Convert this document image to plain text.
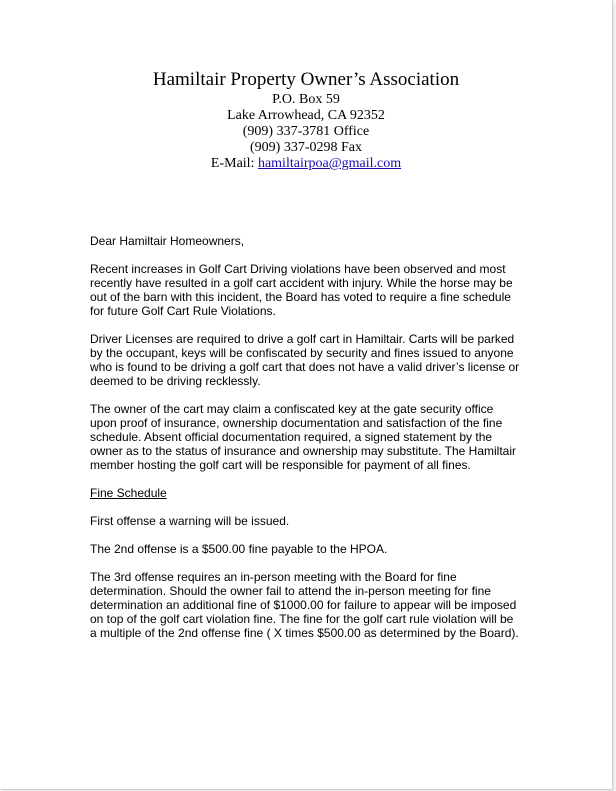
Hamiltair Property Owner’s Association
P.O. Box 59
Lake Arrowhead, CA 92352
(909) 337-3781 Office
(909) 337-0298 Fax
E-Mail: hamiltairpoa@gmail.com

Dear Hamiltair Homeowners,

Recent increases in Golf Cart Driving violations have been observed and most
recently have resulted in a golf cart accident with injury. While the horse may be
out of the barn with this incident, the Board has voted to require a fine schedule
for future Golf Cart Rule Violations.

Driver Licenses are required to drive a golf cart in Hamiltair. Carts will be parked
by the occupant, keys will be confiscated by security and fines issued to anyone
who is found to be driving a golf cart that does not have a valid driver’s license or
deemed to be driving recklessly.

The owner of the cart may claim a confiscated key at the gate security office
upon proof of insurance, ownership documentation and satisfaction of the fine
schedule. Absent official documentation required, a signed statement by the
owner as to the status of insurance and ownership may substitute. The Hamiltair
member hosting the golf cart will be responsible for payment of all fines.

Fine Schedule

First offense a warning will be issued.

The 2nd offense is a $500.00 fine payable to the HPOA.

The 3rd offense requires an in-person meeting with the Board for fine
determination. Should the owner fail to attend the in-person meeting for fine
determination an additional fine of $1000.00 for failure to appear will be imposed
on top of the golf cart violation fine. The fine for the golf cart rule violation will be
a multiple of the 2nd offense fine ( X times $500.00 as determined by the Board).
